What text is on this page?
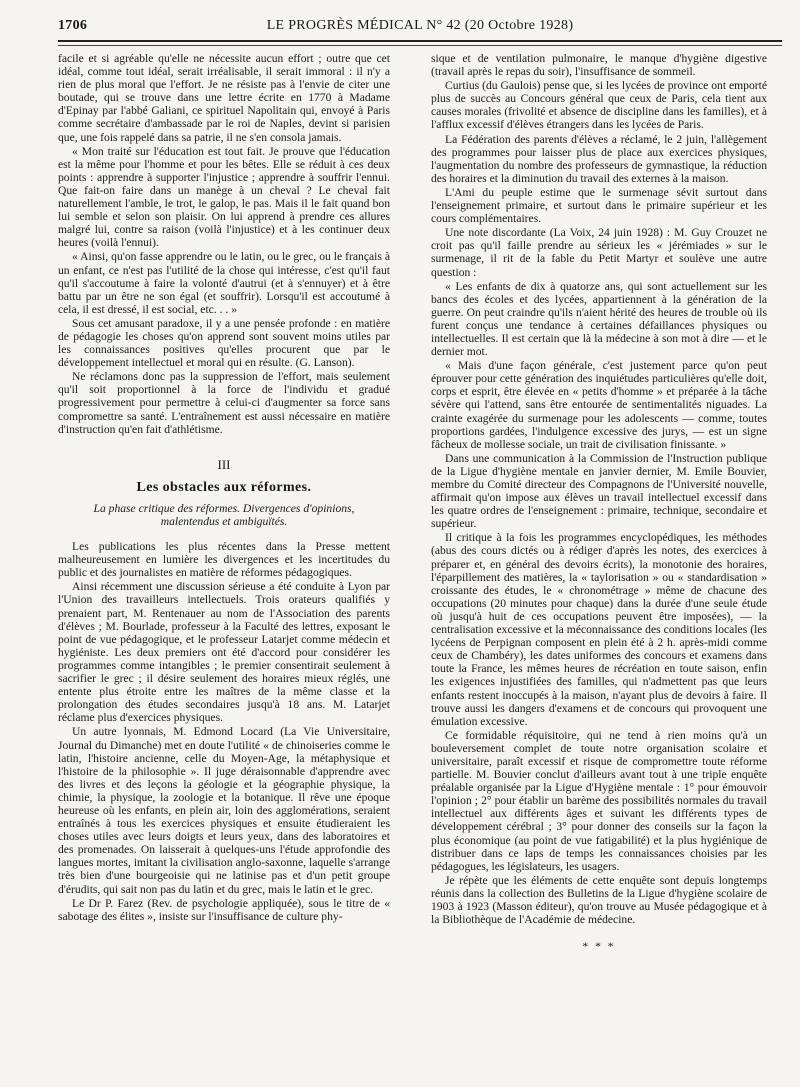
1706	LE PROGRÈS MÉDICAL N° 42 (20 Octobre 1928)

facile et si agréable qu'elle ne nécessite aucun effort ; outre que cet idéal, comme tout idéal, serait irréalisable, il serait immoral : il n'y a rien de plus moral que l'effort. Je ne résiste pas à l'envie de citer une boutade, qui se trouve dans une lettre écrite en 1770 à Madame d'Epinay par l'abbé Galiani, ce spirituel Napolitain qui, envoyé à Paris comme secrétaire d'ambassade par le roi de Naples, devint si parisien que, une fois rappelé dans sa patrie, il ne s'en consola jamais.

« Mon traité sur l'éducation est tout fait. Je prouve que l'éducation est la même pour l'homme et pour les bêtes. Elle se réduit à ces deux points : apprendre à supporter l'injustice ; apprendre à souffrir l'ennui. Que fait-on faire dans un manège à un cheval ? Le cheval fait naturellement l'amble, le trot, le galop, le pas. Mais il le fait quand bon lui semble et selon son plaisir. On lui apprend à prendre ces allures malgré lui, contre sa raison (voilà l'injustice) et à les continuer deux heures (voilà l'ennui).

« Ainsi, qu'on fasse apprendre ou le latin, ou le grec, ou le français à un enfant, ce n'est pas l'utilité de la chose qui intéresse, c'est qu'il faut qu'il s'accoutume à faire la volonté d'autrui (et à s'ennuyer) et à être battu par un être ne son égal (et souffrir). Lorsqu'il est accoutumé à cela, il est dressé, il est social, etc. . . »

Sous cet amusant paradoxe, il y a une pensée profonde : en matière de pédagogie les choses qu'on apprend sont souvent moins utiles par les connaissances positives qu'elles procurent que par le développement intellectuel et moral qui en résulte. (G. Lanson).

Ne réclamons donc pas la suppression de l'effort, mais seulement qu'il soit proportionnel à la force de l'individu et gradué progressivement pour permettre à celui-ci d'augmenter sa force sans compromettre sa santé. L'entraînement est aussi nécessaire en matière d'instruction qu'en fait d'athlétisme.

III
Les obstacles aux réformes.
La phase critique des réformes. Divergences d'opinions, malentendus et ambiguïtés.

Les publications les plus récentes dans la Presse mettent malheureusement en lumière les divergences et les incertitudes du public et des journalistes en matière de réformes pédagogiques.

Ainsi récemment une discussion sérieuse a été conduite à Lyon par l'Union des travailleurs intellectuels. Trois orateurs qualifiés y prenaient part, M. Rentenauer au nom de l'Association des parents d'élèves ; M. Bourlade, professeur à la Faculté des lettres, exposant le point de vue pédagogique, et le professeur Latarjet comme médecin et hygiéniste. Les deux premiers ont été d'accord pour considérer les programmes comme intangibles ; le premier consentirait seulement à sacrifier le grec ; il désire seulement des horaires mieux réglés, une entente plus étroite entre les maîtres de la même classe et la prolongation des études secondaires jusqu'à 18 ans. M. Latarjet réclame plus d'exercices physiques.

Un autre lyonnais, M. Edmond Locard (La Vie Universitaire, Journal du Dimanche) met en doute l'utilité « de chinoiseries comme le latin, l'histoire ancienne, celle du Moyen-Age, la métaphysique et l'histoire de la philosophie ». Il juge déraisonnable d'apprendre avec des livres et des leçons la géologie et la géographie physique, la chimie, la physique, la zoologie et la botanique. Il rêve une époque heureuse où les enfants, en plein air, loin des agglomérations, seraient entraînés à tous les exercices physiques et ensuite étudieraient les choses utiles avec leurs doigts et leurs yeux, dans des laboratoires et des promenades. On laisserait à quelques-uns l'étude approfondie des langues mortes, imitant la civilisation anglo-saxonne, laquelle s'arrange très bien d'une bourgeoisie qui ne latinise pas et d'un petit groupe d'érudits, qui sait non pas du latin et du grec, mais le latin et le grec.

Le Dr P. Farez (Rev. de psychologie appliquée), sous le titre de « sabotage des élites », insiste sur l'insuffisance de culture phy-

sique et de ventilation pulmonaire, le manque d'hygiène digestive (travail après le repas du soir), l'insuffisance de sommeil.

Curtius (du Gaulois) pense que, si les lycées de province ont emporté plus de succès au Concours général que ceux de Paris, cela tient aux causes morales (frivolité et absence de discipline dans les familles), et à l'afflux excessif d'élèves étrangers dans les lycées de Paris.

La Fédération des parents d'élèves a réclamé, le 2 juin, l'allègement des programmes pour laisser plus de place aux exercices physiques, l'augmentation du nombre des professeurs de gymnastique, la réduction des horaires et la diminution du travail des externes à la maison.

L'Ami du peuple estime que le surmenage sévit surtout dans l'enseignement primaire, et surtout dans le primaire supérieur et les cours complémentaires.

Une note discordante (La Voix, 24 juin 1928) : M. Guy Crouzet ne croit pas qu'il faille prendre au sérieux les « jérémiades » sur le surmenage, il rit de la fable du Petit Martyr et soulève une autre question :

« Les enfants de dix à quatorze ans, qui sont actuellement sur les bancs des écoles et des lycées, appartiennent à la génération de la guerre. On peut craindre qu'ils n'aient hérité des heures de trouble où ils furent conçus une tendance à certaines défaillances physiques ou intellectuelles. Il est certain que là la médecine à son mot à dire — et le dernier mot.

« Mais d'une façon générale, c'est justement parce qu'on peut éprouver pour cette génération des inquiétudes particulières qu'elle doit, corps et esprit, être élevée en « petits d'homme » et préparée à la tâche sévère qui l'attend, sans être entourée de sentimentalités niguades. La crainte exagérée du surmenage pour les adolescents — comme, toutes proportions gardées, l'indulgence excessive des jurys, — est un signe fâcheux de mollesse sociale, un trait de civilisation finissante. »

Dans une communication à la Commission de l'Instruction publique de la Ligue d'hygiène mentale en janvier dernier, M. Emile Bouvier, membre du Comité directeur des Compagnons de l'Université nouvelle, affirmait qu'on impose aux élèves un travail intellectuel excessif dans les quatre ordres de l'enseignement : primaire, technique, secondaire et supérieur.

Il critique à la fois les programmes encyclopédiques, les méthodes (abus des cours dictés ou à rédiger d'après les notes, des exercices à préparer et, en général des devoirs écrits), la monotonie des horaires, l'éparpillement des matières, la « taylorisation » ou « standardisation » croissante des études, le « chronométrage » même de chacune des occupations (20 minutes pour chaque) dans la durée d'une seule étude où jusqu'à huit de ces occupations peuvent être imposées), — la centralisation excessive et la méconnaissance des conditions locales (les lycéens de Perpignan composent en plein été à 2 h. après-midi comme ceux de Chambéry), les dates uniformes des concours et examens dans toute la France, les mêmes heures de récréation en toute saison, enfin les exigences injustifiées des familles, qui n'admettent pas que leurs enfants restent inoccupés à la maison, n'ayant plus de devoirs à faire. Il trouve aussi les dangers d'examens et de concours qui provoquent une émulation excessive.

Ce formidable réquisitoire, qui ne tend à rien moins qu'à un bouleversement complet de toute notre organisation scolaire et universitaire, paraît excessif et risque de compromettre toute réforme partielle. M. Bouvier conclut d'ailleurs avant tout à une triple enquête préalable organisée par la Ligue d'Hygiène mentale : 1° pour émouvoir l'opinion ; 2° pour établir un barème des possibilités normales du travail intellectuel aux différents âges et suivant les différents types de développement cérébral ; 3° pour donner des conseils sur la façon la plus économique (au point de vue fatigabilité) et la plus hygiénique de distribuer dans ce laps de temps les connaissances choisies par les pédagogues, les législateurs, les usagers.

Je répète que les éléments de cette enquête sont depuis longtemps réunis dans la collection des Bulletins de la Ligue d'hygiène scolaire de 1903 à 1923 (Masson éditeur), qu'on trouve au Musée pédagogique et à la Bibliothèque de l'Académie de médecine.

* * *
